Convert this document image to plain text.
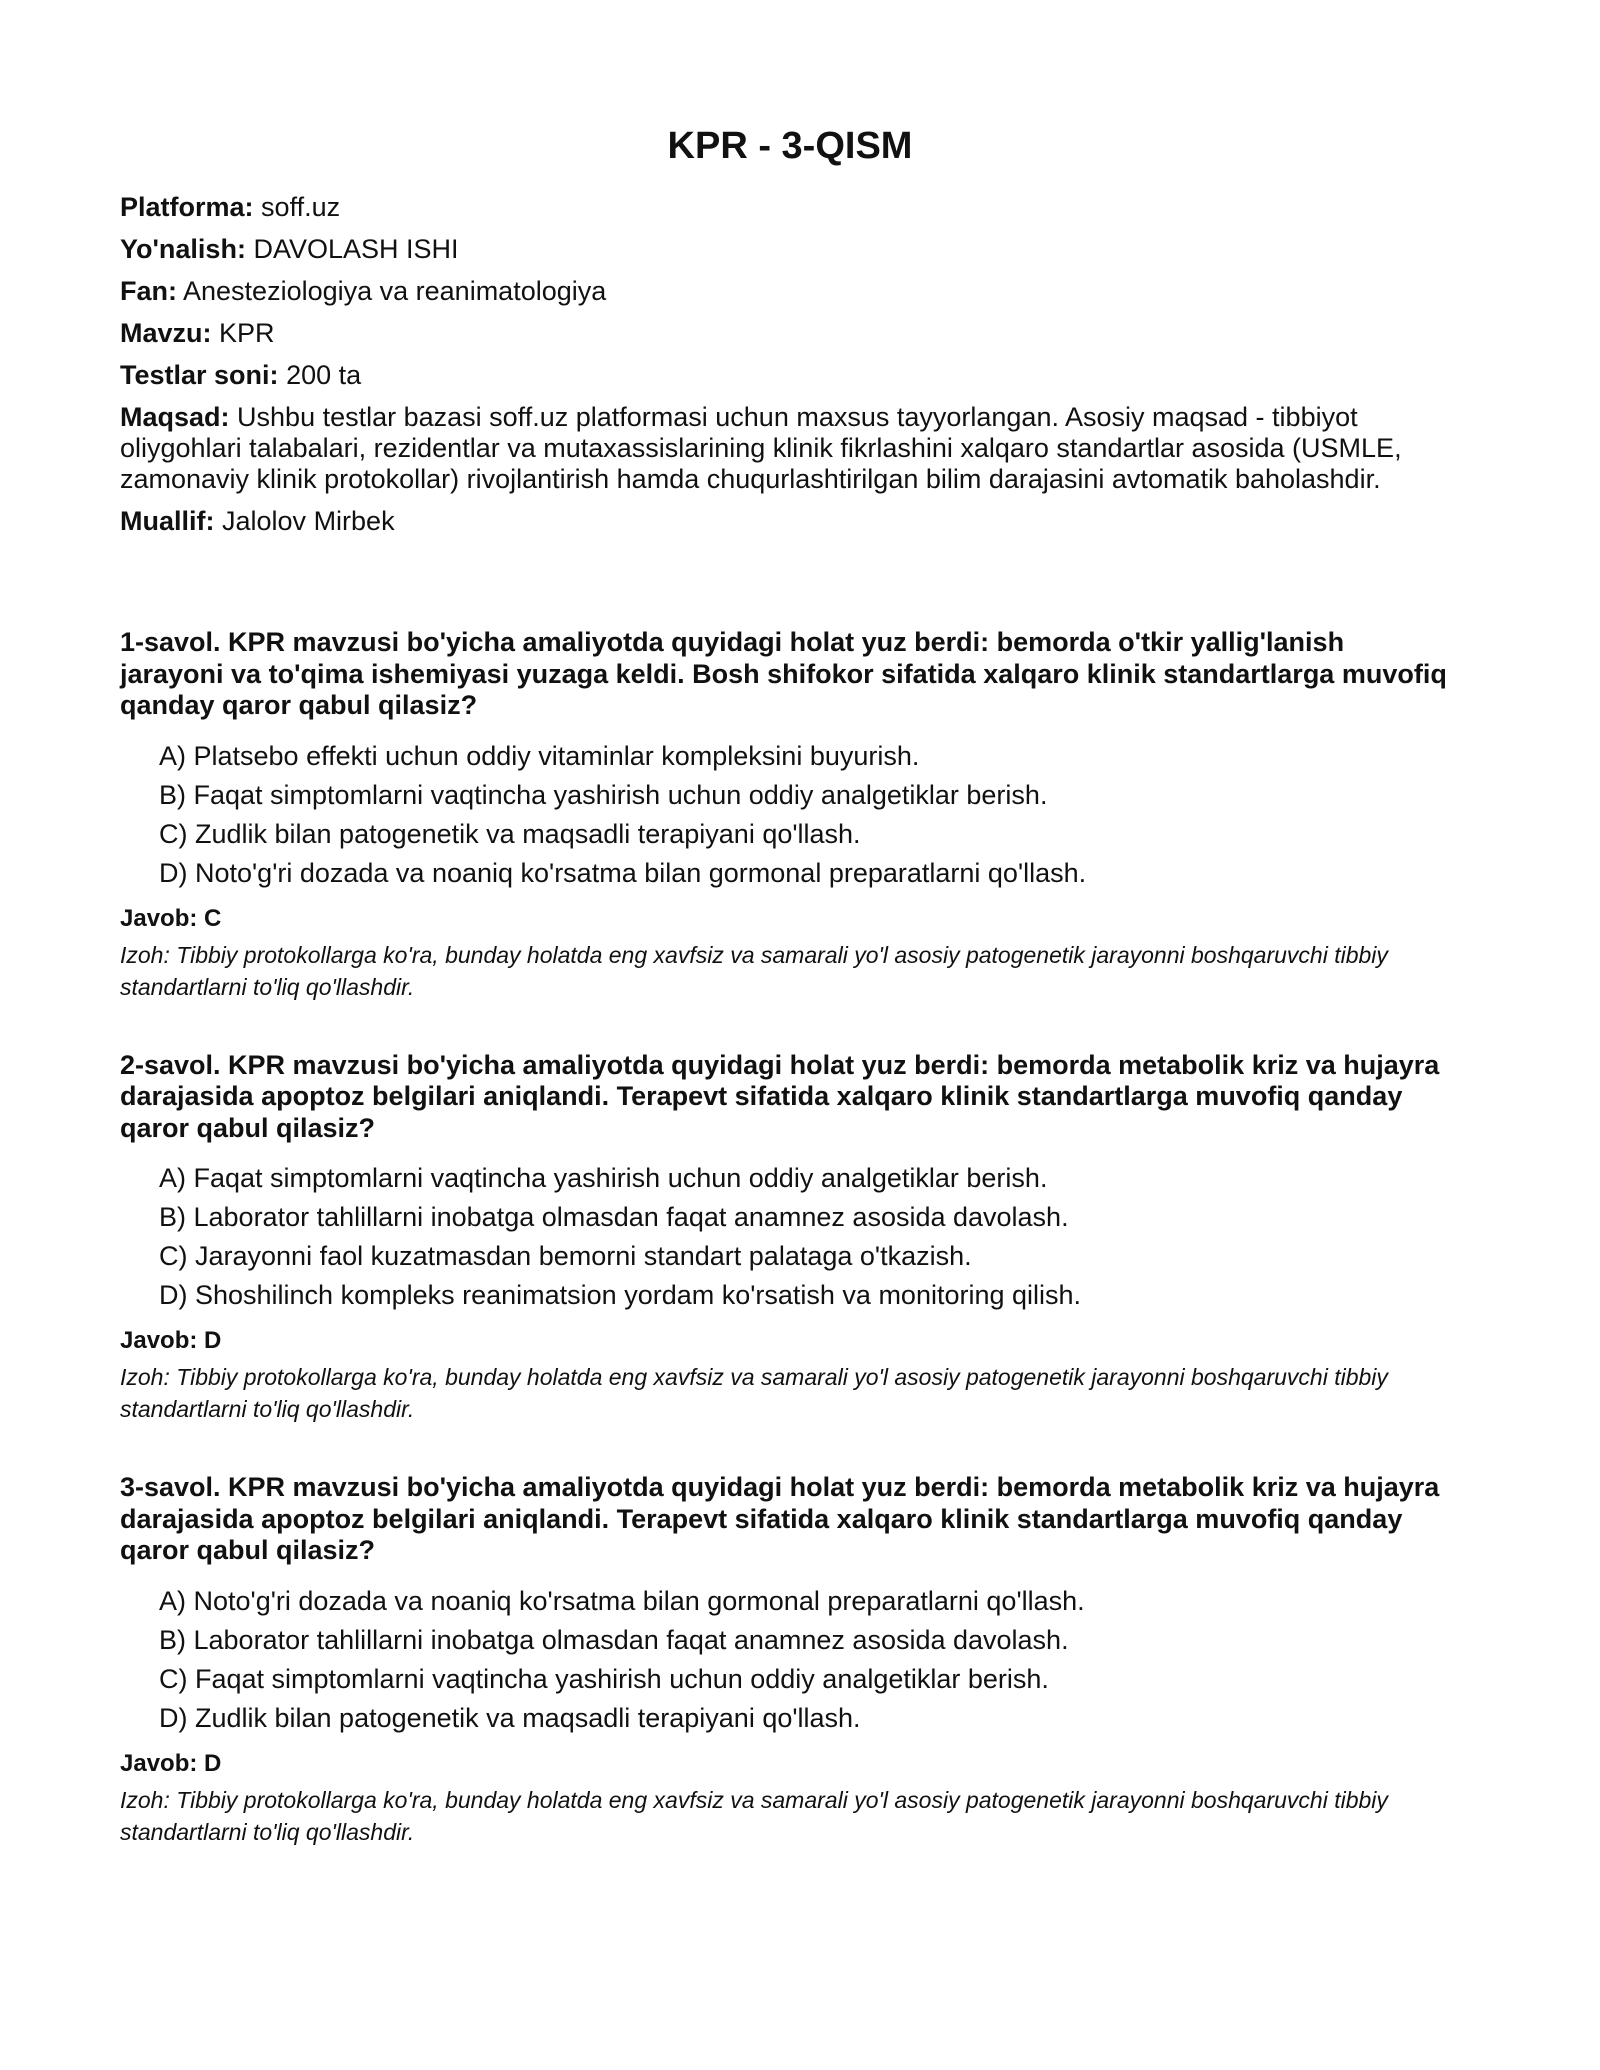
KPR - 3-QISM

Platforma: soff.uz

Yo'nalish: DAVOLASH ISHI

Fan: Anesteziologiya va reanimatologiya

Mavzu: KPR

Testlar soni: 200 ta

Maqsad: Ushbu testlar bazasi soff.uz platformasi uchun maxsus tayyorlangan. Asosiy maqsad - tibbiyot oliygohlari talabalari, rezidentlar va mutaxassislarining klinik fikrlashini xalqaro standartlar asosida (USMLE, zamonaviy klinik protokollar) rivojlantirish hamda chuqurlashtirilgan bilim darajasini avtomatik baholashdir.

Muallif: Jalolov Mirbek

1-savol. KPR mavzusi bo'yicha amaliyotda quyidagi holat yuz berdi: bemorda o'tkir yallig'lanish jarayoni va to'qima ishemiyasi yuzaga keldi. Bosh shifokor sifatida xalqaro klinik standartlarga muvofiq qanday qaror qabul qilasiz?

A) Platsebo effekti uchun oddiy vitaminlar kompleksini buyurish.
B) Faqat simptomlarni vaqtincha yashirish uchun oddiy analgetiklar berish.
C) Zudlik bilan patogenetik va maqsadli terapiyani qo'llash.
D) Noto'g'ri dozada va noaniq ko'rsatma bilan gormonal preparatlarni qo'llash.

Javob: C

Izoh: Tibbiy protokollarga ko'ra, bunday holatda eng xavfsiz va samarali yo'l asosiy patogenetik jarayonni boshqaruvchi tibbiy standartlarni to'liq qo'llashdir.

2-savol. KPR mavzusi bo'yicha amaliyotda quyidagi holat yuz berdi: bemorda metabolik kriz va hujayra darajasida apoptoz belgilari aniqlandi. Terapevt sifatida xalqaro klinik standartlarga muvofiq qanday qaror qabul qilasiz?

A) Faqat simptomlarni vaqtincha yashirish uchun oddiy analgetiklar berish.
B) Laborator tahlillarni inobatga olmasdan faqat anamnez asosida davolash.
C) Jarayonni faol kuzatmasdan bemorni standart palataga o'tkazish.
D) Shoshilinch kompleks reanimatsion yordam ko'rsatish va monitoring qilish.

Javob: D

Izoh: Tibbiy protokollarga ko'ra, bunday holatda eng xavfsiz va samarali yo'l asosiy patogenetik jarayonni boshqaruvchi tibbiy standartlarni to'liq qo'llashdir.

3-savol. KPR mavzusi bo'yicha amaliyotda quyidagi holat yuz berdi: bemorda metabolik kriz va hujayra darajasida apoptoz belgilari aniqlandi. Terapevt sifatida xalqaro klinik standartlarga muvofiq qanday qaror qabul qilasiz?

A) Noto'g'ri dozada va noaniq ko'rsatma bilan gormonal preparatlarni qo'llash.
B) Laborator tahlillarni inobatga olmasdan faqat anamnez asosida davolash.
C) Faqat simptomlarni vaqtincha yashirish uchun oddiy analgetiklar berish.
D) Zudlik bilan patogenetik va maqsadli terapiyani qo'llash.

Javob: D

Izoh: Tibbiy protokollarga ko'ra, bunday holatda eng xavfsiz va samarali yo'l asosiy patogenetik jarayonni boshqaruvchi tibbiy standartlarni to'liq qo'llashdir.
